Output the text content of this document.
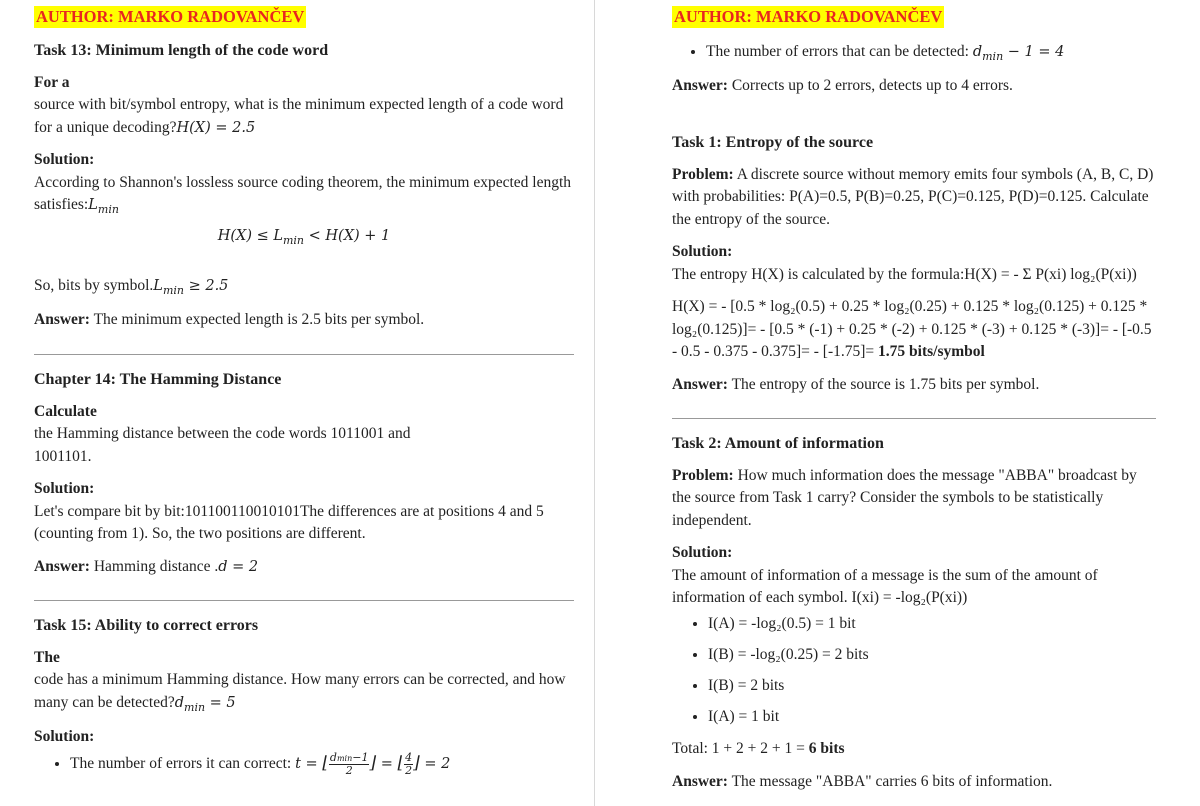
AUTHOR: MARKO RADOVANČEV
Task 13: Minimum length of the code word

For a
source with bit/symbol entropy, what is the minimum expected length of a code word for a unique decoding?H(X) = 2.5

Solution:
According to Shannon's lossless source coding theorem, the minimum expected length $satisfies:L_{min}$

$H(X) \le L_{min} < H(X) + 1$

So, bits by $symbol.L_{min} \ge 2.5$

Answer: The minimum expected length is 2.5 bits per symbol.

Chapter 14: The Hamming Distance

Calculate
the Hamming distance between the code words 1011001 and
1001101.

Solution:
Let's compare bit by bit:101100110010101The differences are at positions 4 and 5 (counting from 1). So, the two positions are different.

Answer: Hamming distance .d = 2

Task 15: Ability to correct errors

The
code has a minimum Hamming distance. How many errors can be corrected, and how many can be $detected?d_{min} = 5$

Solution:

• The number of errors it can correct: t = ⌊ $\frac{dmin-1}{2}$ ⌋ = ⌊ $\frac{4}{2}$ ⌋ = 2
AUTHOR: MARKO RADOVANČEV
• The number of errors that can be detected: $d_{min} - 1 = 4$

Answer: Corrects up to 2 errors, detects up to 4 errors.

Task 1: Entropy of the source

Problem: A discrete source without memory emits four symbols (A, B, C, D) with probabilities: P(A)=0.5, P(B)=0.25, P(C)=0.125, P(D)=0.125. Calculate the entropy of the source.

Solution:
The entropy H(X) is calculated by the formula:H(X) = - Σ P(xi) log₂(P(xi))

H(X) = - [0.5 * log₂(0.5) + 0.25 * log₂(0.25) + 0.125 * log₂(0.125) + 0.125 * log₂(0.125)]= - [0.5 * (-1) + 0.25 * (-2) + 0.125 * (-3) + 0.125 * (-3)]= - [-0.5 - 0.5 - 0.375 - 0.375]= - [-1.75]= 1.75 bits/symbol

Answer: The entropy of the source is 1.75 bits per symbol.

Task 2: Amount of information

Problem: How much information does the message "ABBA" broadcast by the source from Task 1 carry? Consider the symbols to be statistically independent.

Solution:
The amount of information of a message is the sum of the amount of information of each symbol. I(xi) = -log₂(P(xi))

• I(A) = -log₂(0.5) = 1 bit
• I(B) = -log₂(0.25) = 2 bits
• I(B) = 2 bits
• I(A) = 1 bit

Total: 1 + 2 + 2 + 1 = 6 bits

Answer: The message "ABBA" carries 6 bits of information.
